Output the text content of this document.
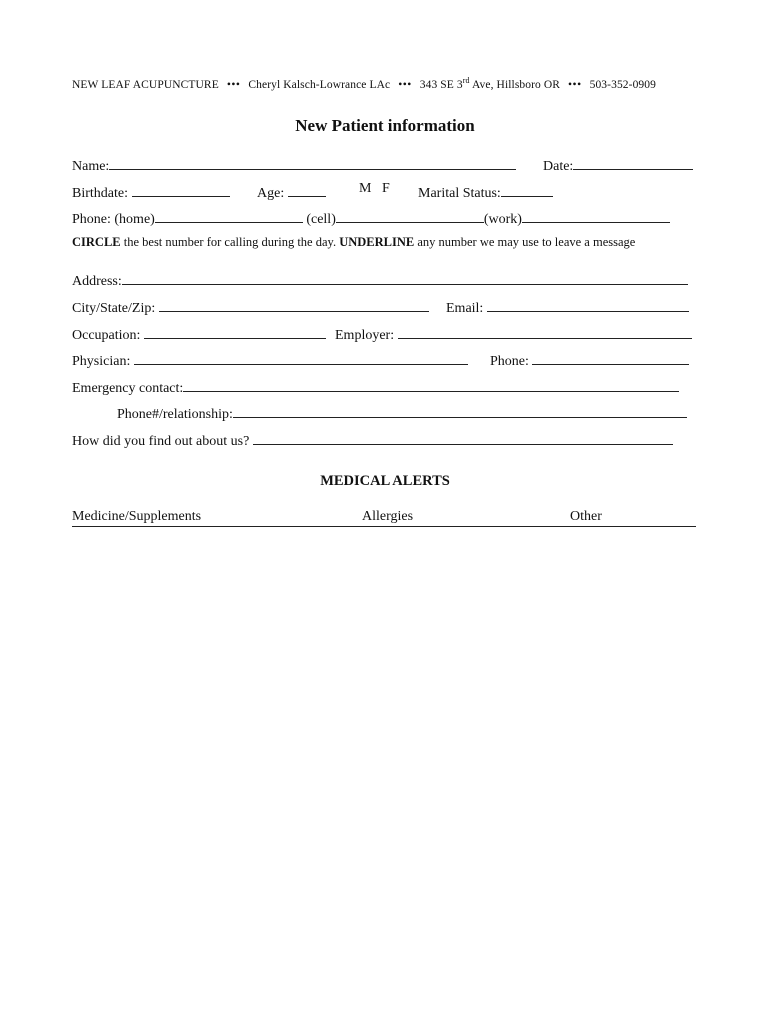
NEW LEAF ACUPUNCTURE ••• Cheryl Kalsch-Lowrance LAc ••• 343 SE 3rd Ave, Hillsboro OR ••• 503-352-0909
New Patient information
Name:	Date:
Birthdate:	Age:	M   F Marital Status:
Phone: (home)	(cell)	(work)
CIRCLE the best number for calling during the day. UNDERLINE any number we may use to leave a message
Address:
City/State/Zip:	Email:
Occupation:	Employer:
Physician:	Phone:
Emergency contact:
Phone#/relationship:
How did you find out about us?
MEDICAL ALERTS
Medicine/Supplements	Allergies	Other
